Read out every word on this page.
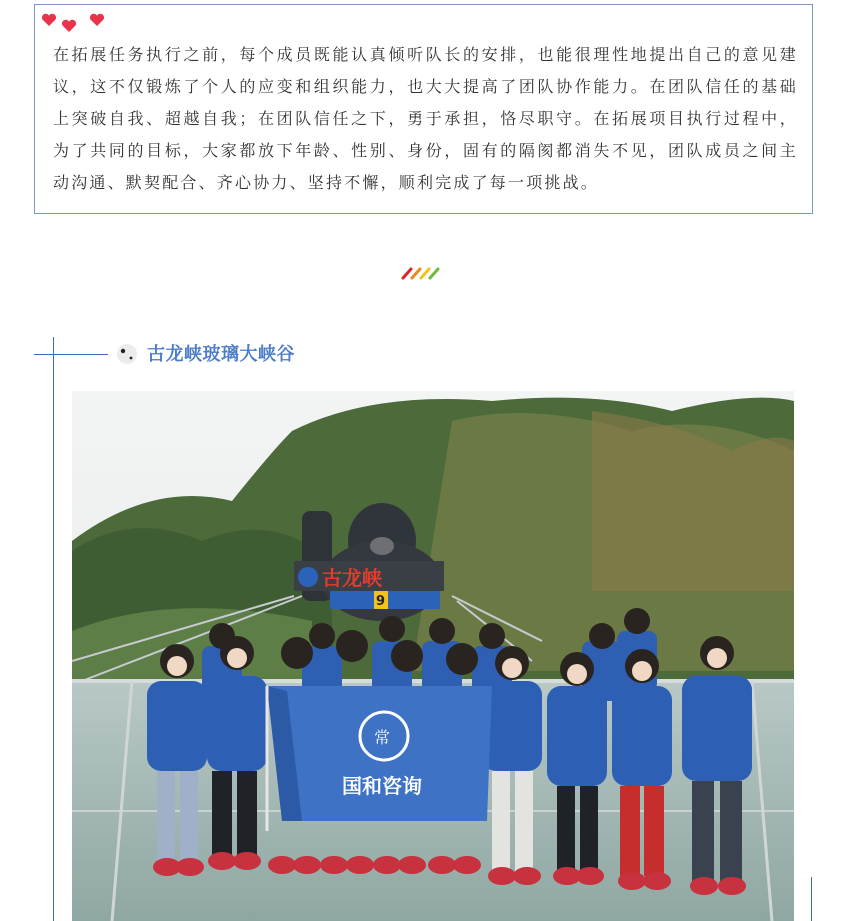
在拓展任务执行之前，每个成员既能认真倾听队长的安排，也能很理性地提出自己的意见建议，这不仅锻炼了个人的应变和组织能力，也大大提高了团队协作能力。在团队信任的基础上突破自我、超越自我；在团队信任之下，勇于承担，恪尽职守。在拓展项目执行过程中，为了共同的目标，大家都放下年龄、性别、身份，固有的隔阂都消失不见，团队成员之间主动沟通、默契配合、齐心协力、坚持不懈，顺利完成了每一项挑战。

古龙峡玻璃大峡谷
古龙峡
9
常
国和咨询
